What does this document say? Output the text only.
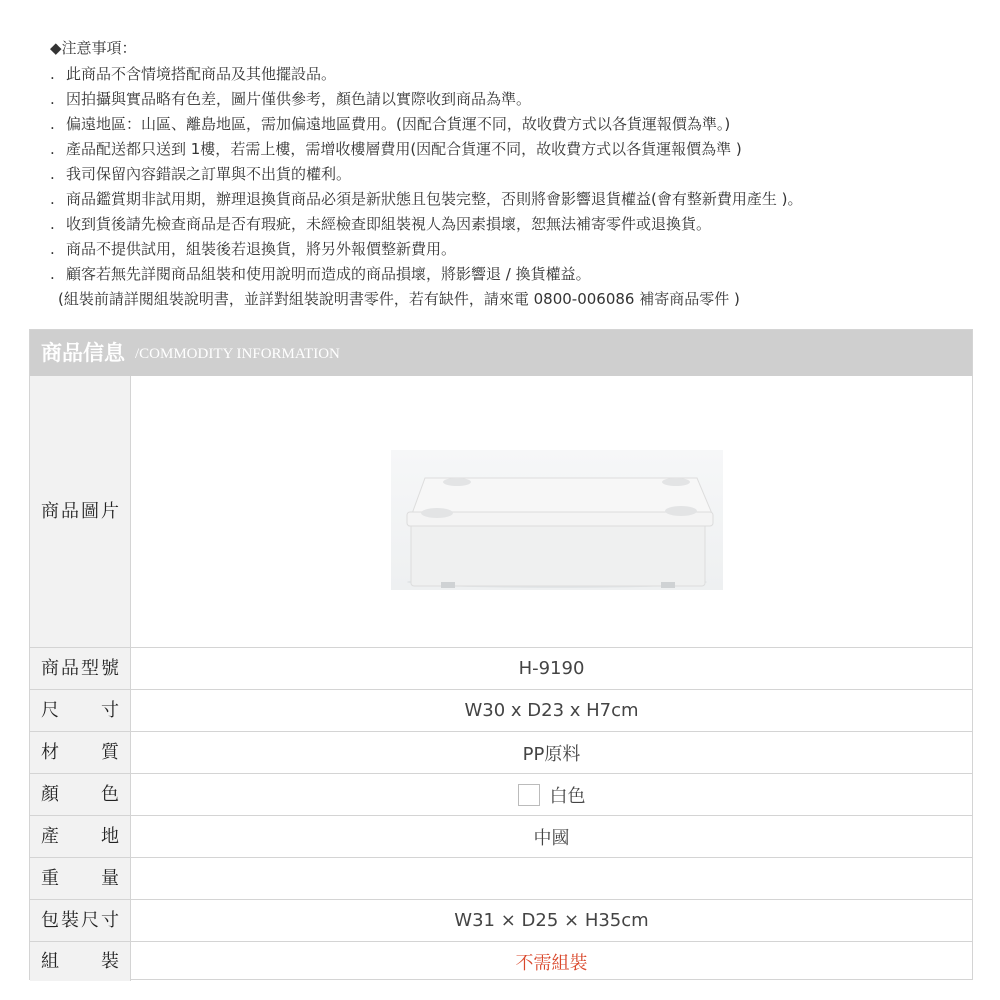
◆注意事項：
. 此商品不含情境搭配商品及其他擺設品。
. 因拍攝與實品略有色差，圖片僅供參考，顏色請以實際收到商品為準。
. 偏遠地區：山區、離島地區，需加偏遠地區費用。(因配合貨運不同，故收費方式以各貨運報價為準。)
. 產品配送都只送到 1樓，若需上樓，需增收樓層費用(因配合貨運不同，故收費方式以各貨運報價為準 )
. 我司保留內容錯誤之訂單與不出貨的權利。
. 商品鑑賞期非試用期，辦理退換貨商品必須是新狀態且包裝完整，否則將會影響退貨權益(會有整新費用產生 )。
. 收到貨後請先檢查商品是否有瑕疵，未經檢查即組裝視人為因素損壞，恕無法補寄零件或退換貨。
. 商品不提供試用，組裝後若退換貨，將另外報價整新費用。
. 顧客若無先詳閱商品組裝和使用說明而造成的商品損壞，將影響退 / 換貨權益。
(組裝前請詳閱組裝說明書，並詳對組裝說明書零件，若有缺件，請來電 0800-006086 補寄商品零件 )
商品信息 /COMMODITY INFORMATION
商品圖片
商品型號	H-9190
尺寸	W30 x D23 x H7cm
材質	PP原料
顏色	白色
產地	中國
重量
包裝尺寸	W31 × D25 × H35cm
組裝	不需組裝
